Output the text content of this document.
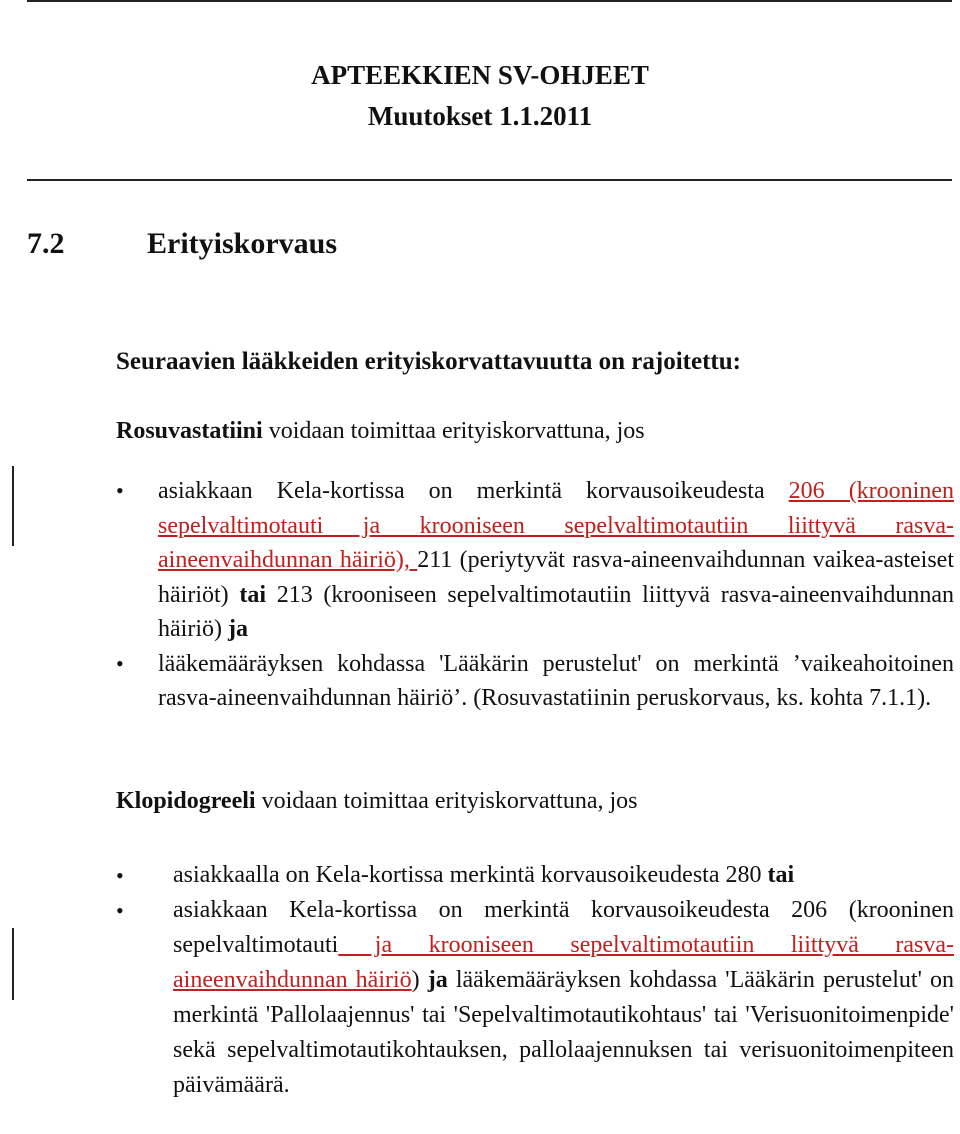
APTEEKKIEN SV-OHJEET
Muutokset 1.1.2011
7.2	Erityiskorvaus
Seuraavien lääkkeiden erityiskorvattavuutta on rajoitettu:
Rosuvastatiini voidaan toimittaa erityiskorvattuna, jos
• asiakkaan Kela-kortissa on merkintä korvausoikeudesta 206 (krooninen sepelvaltimotauti ja krooniseen sepelvaltimotautiin liittyvä rasva-aineenvaihdunnan häiriö), 211 (periytyvät rasva-aineenvaihdunnan vaikea-asteiset häiriöt) tai 213 (krooniseen sepelvaltimotautiin liittyvä rasva-aineenvaihdunnan häiriö) ja
• lääkemääräyksen kohdassa 'Lääkärin perustelut' on merkintä ’vaikeahoitoinen rasva-aineenvaihdunnan häiriö’. (Rosuvastatiinin peruskorvaus, ks. kohta 7.1.1).
Klopidogreeli voidaan toimittaa erityiskorvattuna, jos
• asiakkaalla on Kela-kortissa merkintä korvausoikeudesta 280 tai
• asiakkaan Kela-kortissa on merkintä korvausoikeudesta 206 (krooninen sepelvaltimotauti ja krooniseen sepelvaltimotautiin liittyvä rasva-aineenvaihdunnan häiriö) ja lääkemääräyksen kohdassa 'Lääkärin perustelut' on merkintä 'Pallolaajennus' tai 'Sepelvaltimotautikohtaus' tai 'Verisuonitoimenpide' sekä sepelvaltimotautikohtauksen, pallolaajennuksen tai verisuonitoimenpiteen päivämäärä.
